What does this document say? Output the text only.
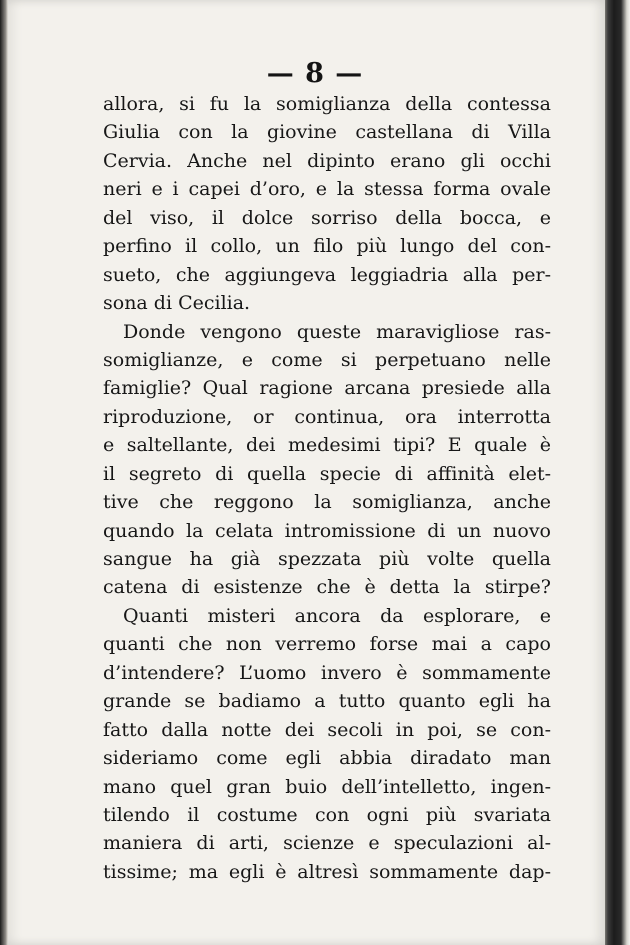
— 8 —
allora, si fu la somiglianza della contessa
Giulia con la giovine castellana di Villa
Cervia. Anche nel dipinto erano gli occhi
neri e i capei d’oro, e la stessa forma ovale
del viso, il dolce sorriso della bocca, e
perfino il collo, un filo più lungo del con-
sueto, che aggiungeva leggiadria alla per-
sona di Cecilia.
Donde vengono queste maravigliose ras-
somiglianze, e come si perpetuano nelle
famiglie? Qual ragione arcana presiede alla
riproduzione, or continua, ora interrotta
e saltellante, dei medesimi tipi? E quale è
il segreto di quella specie di affinità elet-
tive che reggono la somiglianza, anche
quando la celata intromissione di un nuovo
sangue ha già spezzata più volte quella
catena di esistenze che è detta la stirpe?
Quanti misteri ancora da esplorare, e
quanti che non verremo forse mai a capo
d’intendere? L’uomo invero è sommamente
grande se badiamo a tutto quanto egli ha
fatto dalla notte dei secoli in poi, se con-
sideriamo come egli abbia diradato man
mano quel gran buio dell’intelletto, ingen-
tilendo il costume con ogni più svariata
maniera di arti, scienze e speculazioni al-
tissime; ma egli è altresì sommamente dap-
